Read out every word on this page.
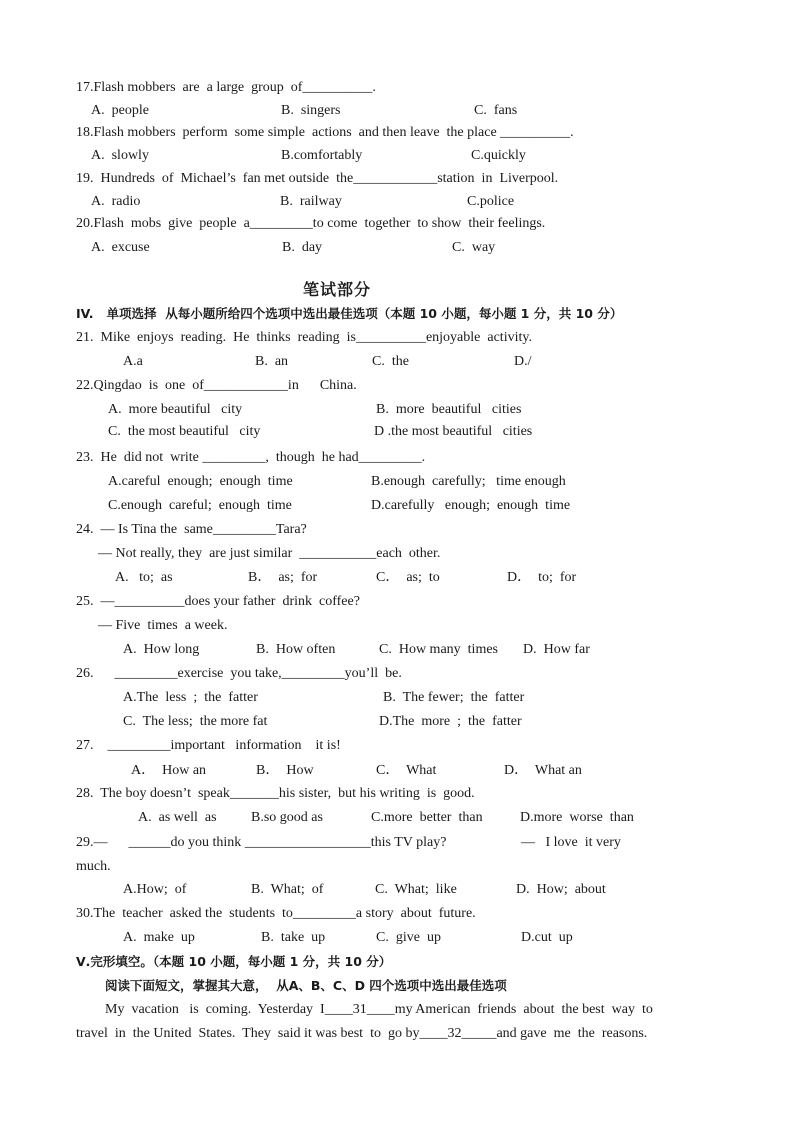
17.Flash mobbers  are  a large  group  of__________.
A.  people	B.  singers	C.  fans
18.Flash mobbers  perform  some simple  actions  and then leave  the place __________.
A.  slowly	B.comfortably	C.quickly
19.  Hundreds  of  Michael’s  fan met outside  the____________station  in  Liverpool.
A.  radio	B.  railway	C.police
20.Flash  mobs  give  people  a_________to come  together  to show  their feelings.
A.  excuse	B.  day	C.  way
笔试部分
IV.   单项选择  从每小题所给四个选项中选出最佳选项（本题 10 小题，每小题 1 分，共 10 分）
21.  Mike  enjoys  reading.  He  thinks  reading  is__________enjoyable  activity.
A.a	B.  an	C.  the	D./
22.Qingdao  is  one  of____________in      China.
A.  more beautiful   city	B.  more  beautiful   cities
C.  the most beautiful   city	D .the most beautiful   cities
23.  He  did not  write _________,  though  he had_________.
A.careful  enough;  enough  time	B.enough  carefully;   time enough
C.enough  careful;  enough  time	D.carefully   enough;  enough  time
24.  — Is Tina the  same_________Tara?
— Not really, they  are just similar  ___________each  other.
A.   to;  as	B．  as;  for	C．  as;  to	D．  to;  for
25.  —__________does your father  drink  coffee?
— Five  times  a week.
A.  How long	B.  How often	C.  How many  times D.  How far
26.      _________exercise  you take,_________you’ll  be.
A.The  less  ;  the  fatter	B.  The fewer;  the  fatter
C.  The less;  the more fat	D.The  more  ;  the  fatter
27.    _________important   information    it is!
A．  How an	B．  How	C．  What	D．  What an
28.  The boy doesn’t  speak_______his sister,  but his writing  is  good.
A.  as well  as B.so good as	C.more  better  than	D.more  worse  than
29.—      ______do you think __________________this TV play?	—   I love  it very
much.
A.How;  of	B.  What;  of	C.  What;  like	D.  How;  about
30.The  teacher  asked the  students  to_________a story  about  future.
A.  make  up	B.  take  up	C.  give  up	D.cut  up
Ⅴ.完形填空。（本题 10 小题，每小题 1 分，共 10 分）
阅读下面短文，掌握其大意，  从A、B、C、D 四个选项中选出最佳选项
My  vacation   is  coming.  Yesterday  I____31____my American  friends  about  the best  way  to
travel  in  the United  States.  They  said it was best  to  go by____32_____and gave  me  the  reasons.
